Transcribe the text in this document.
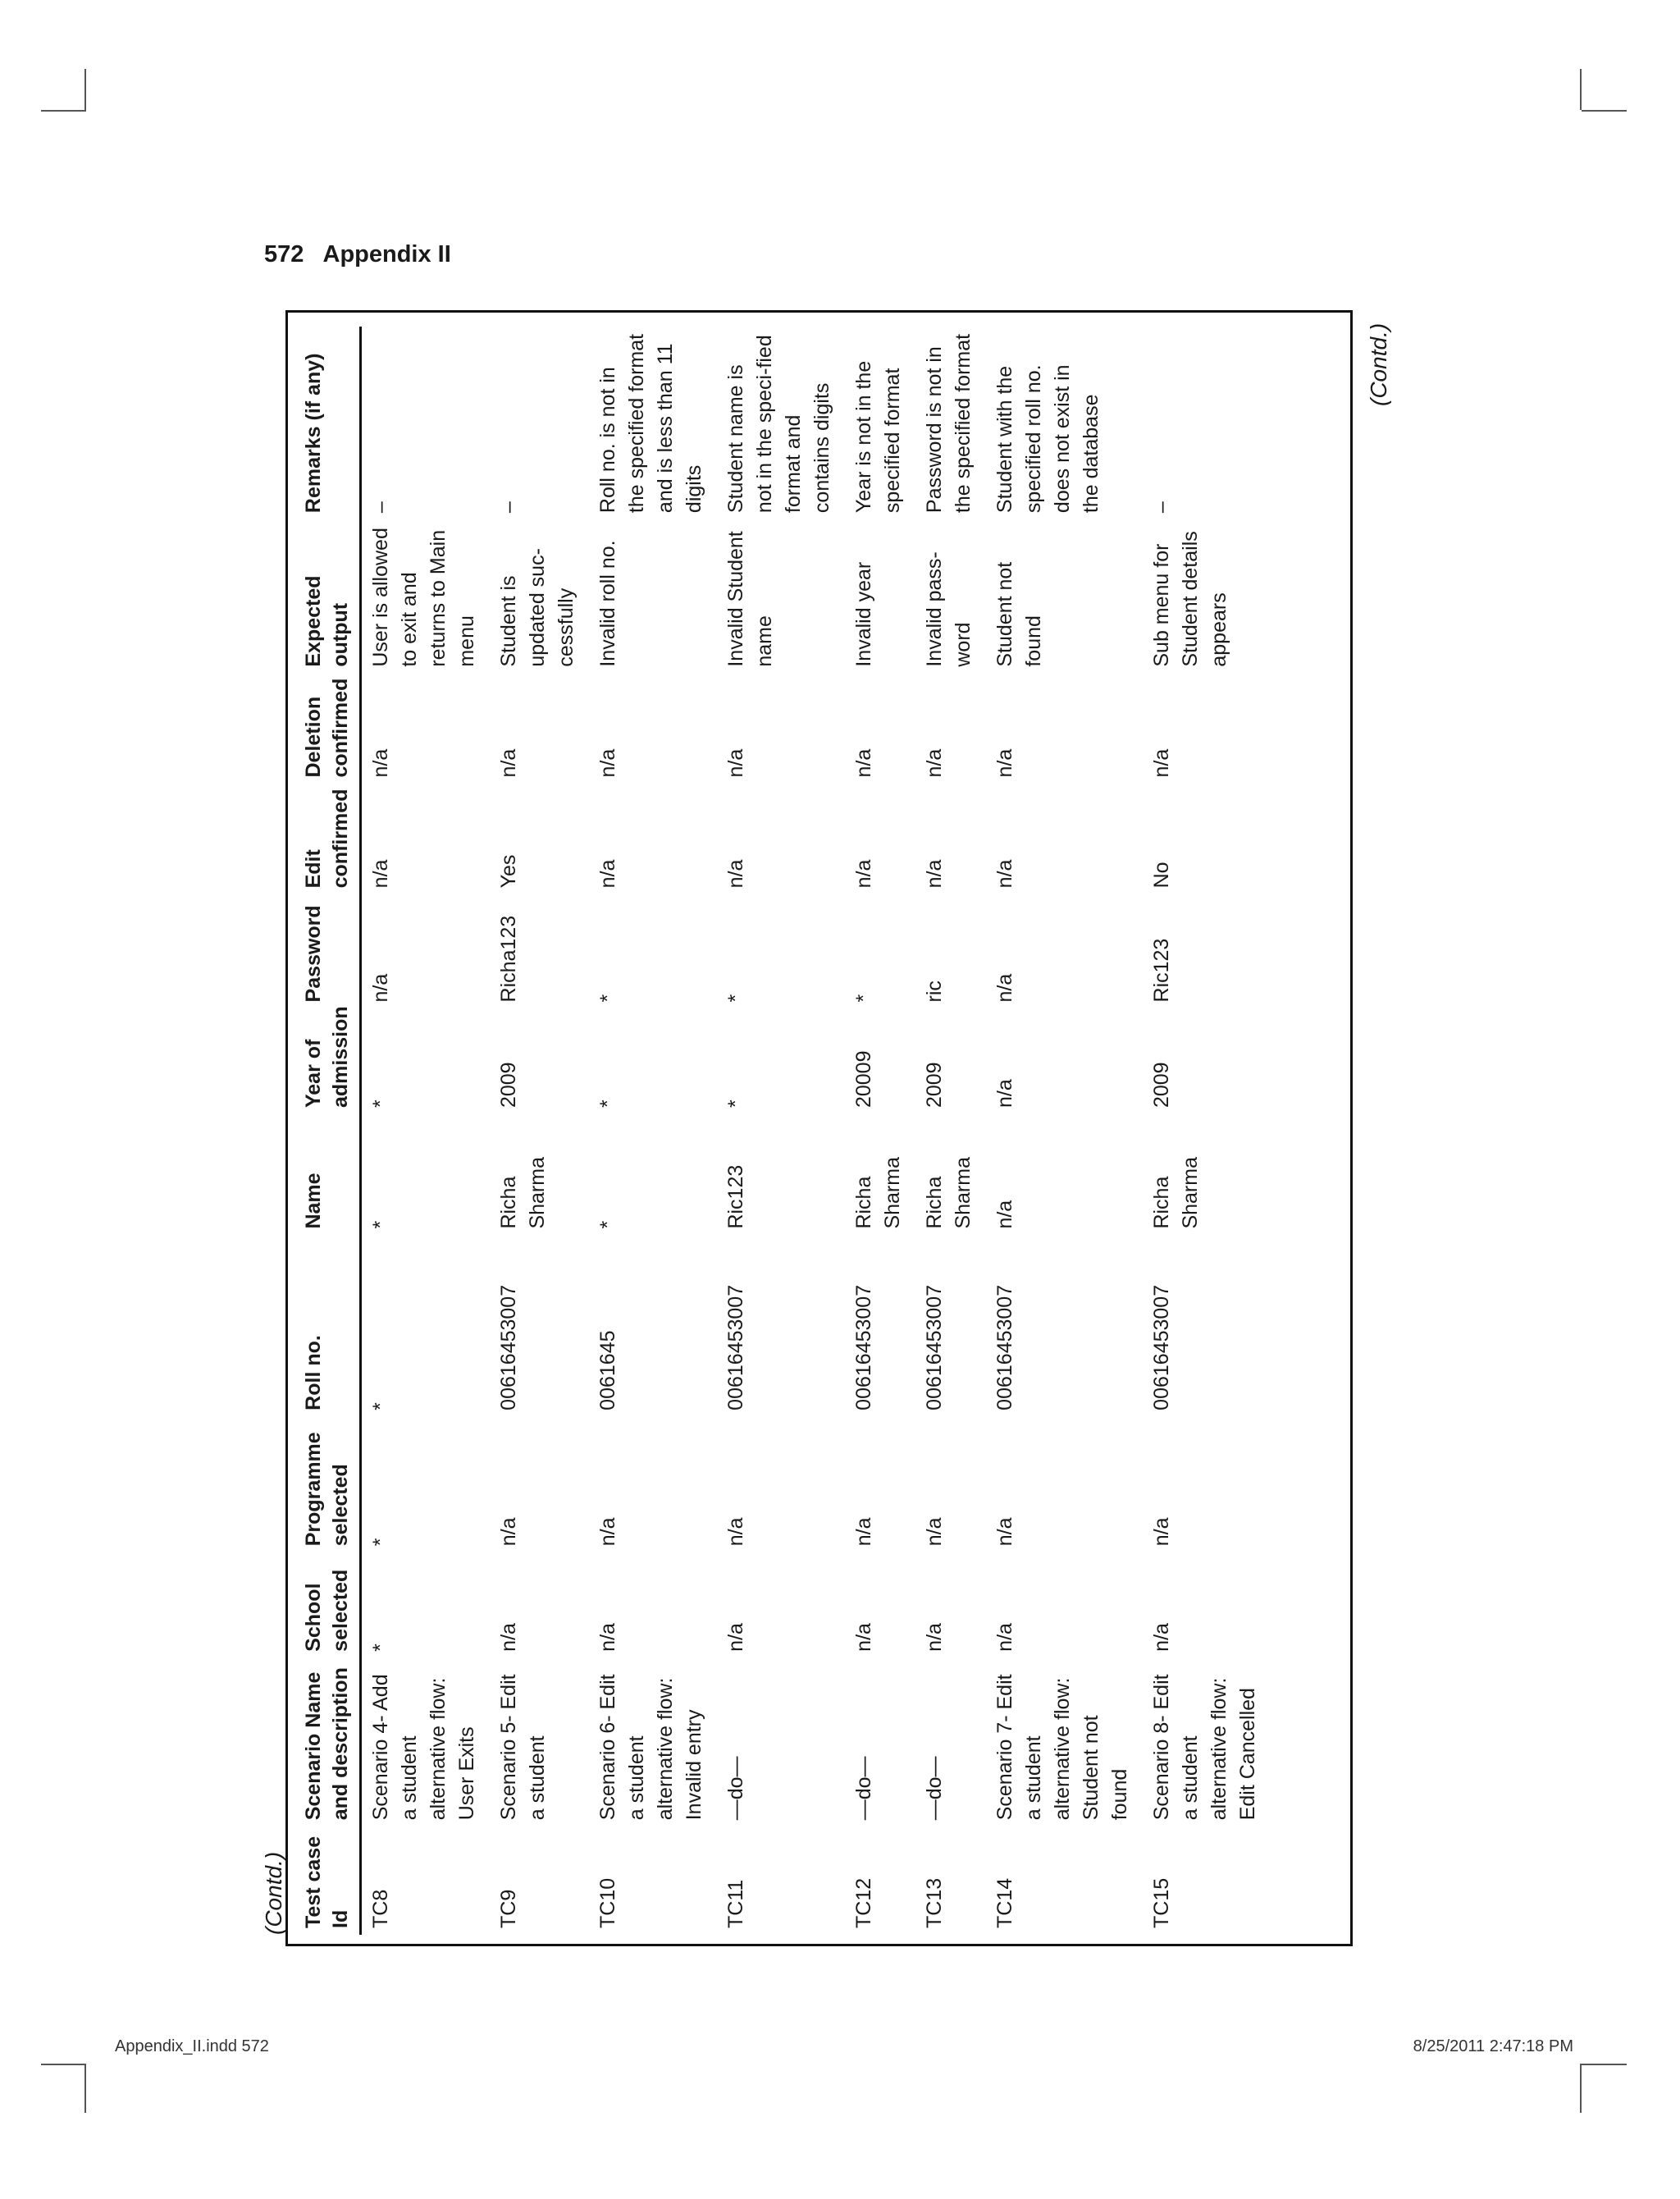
572 Appendix II
(Contd.) Test case Id	Scenario Name and description	School selected	Programme selected	Roll no.	Name	Year of admission	Password	Edit confirmed	Deletion confirmed	Expected output	Remarks (if any)
TC8	Scenario 4- Add a student alternative flow: User Exits	*	*	*	*	*	n/a	n/a	n/a	User is allowed to exit and returns to Main menu	–
TC9	Scenario 5- Edit a student	n/a	n/a	00616453007	Richa Sharma	2009	Richa123	Yes	n/a	Student is updated suc-cessfully	–
TC10	Scenario 6- Edit a student alternative flow: Invalid entry	n/a	n/a	0061645	*	*	*	n/a	n/a	Invalid roll no.	Roll no. is not in the specified format and is less than 11 digits
TC11	—do—	n/a	n/a	00616453007	Ric123	*	*	n/a	n/a	Invalid Student name	Student name is not in the speci-fied format and contains digits
TC12	—do—	n/a	n/a	00616453007	Richa Sharma	20009	*	n/a	n/a	Invalid year	Year is not in the specified format
TC13	—do—	n/a	n/a	00616453007	Richa Sharma	2009	ric	n/a	n/a	Invalid pass-word	Password is not in the specified format
TC14	Scenario 7- Edit a student alternative flow: Student not found	n/a	n/a	00616453007	n/a	n/a	n/a	n/a	n/a	Student not found	Student with the specified roll no. does not exist in the database
TC15	Scenario 8- Edit a student alternative flow: Edit Cancelled	n/a	n/a	00616453007	Richa Sharma	2009	Ric123	No	n/a	Sub menu for Student details appears	–
(Contd.)
Appendix_II.indd 572	8/25/2011 2:47:18 PM
